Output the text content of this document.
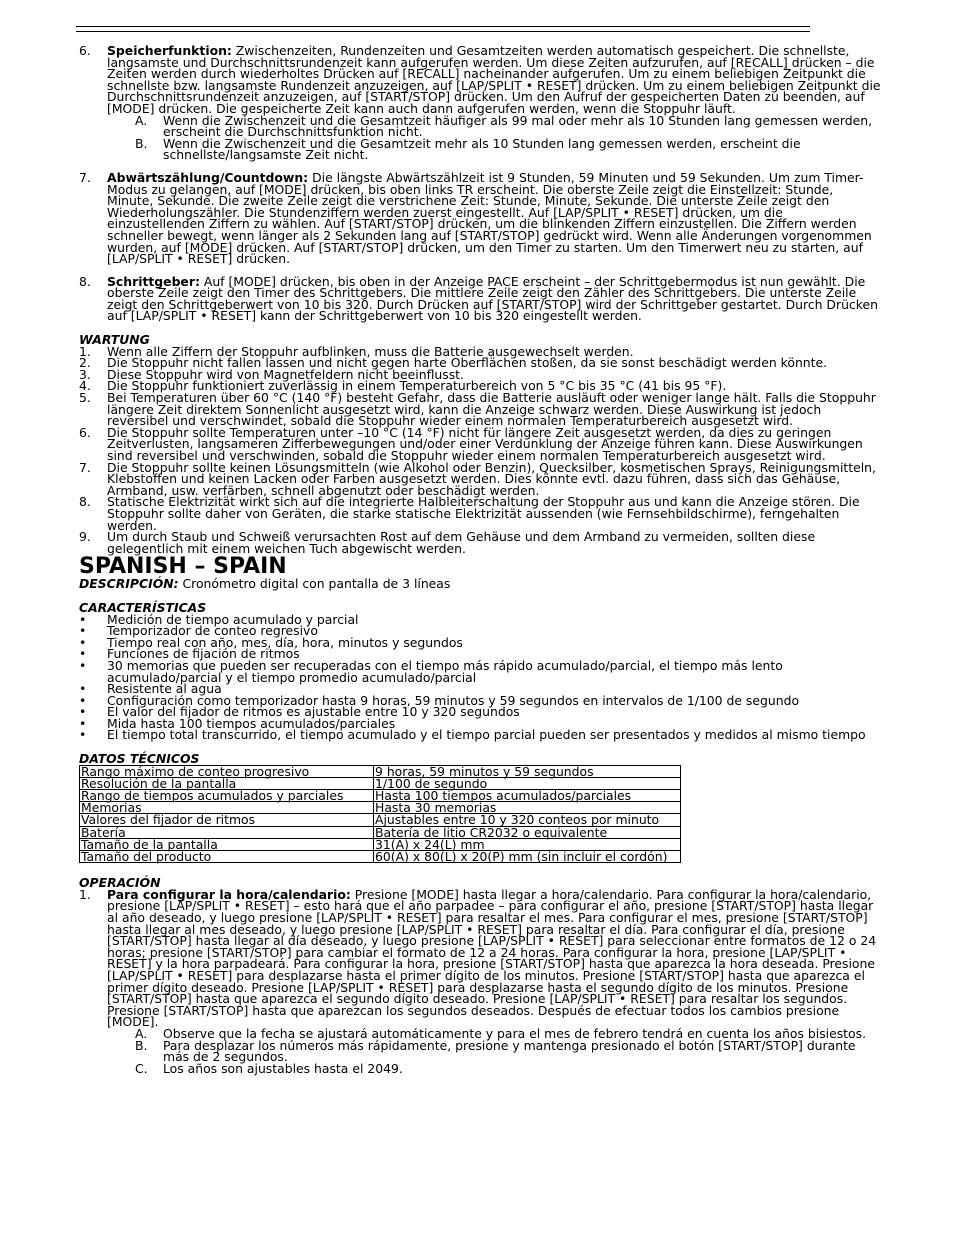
6.	Speicherfunktion: Zwischenzeiten, Rundenzeiten und Gesamtzeiten werden automatisch gespeichert. Die schnellste, langsamste und Durchschnittsrundenzeit kann aufgerufen werden. Um diese Zeiten aufzurufen, auf [RECALL] drücken – die Zeiten werden durch wiederholtes Drücken auf [RECALL] nacheinander aufgerufen. Um zu einem beliebigen Zeitpunkt die schnellste bzw. langsamste Rundenzeit anzuzeigen, auf [LAP/SPLIT • RESET] drücken. Um zu einem beliebigen Zeitpunkt die Durchschnittsrundenzeit anzuzeigen, auf [START/STOP] drücken. Um den Aufruf der gespeicherten Daten zu beenden, auf [MODE] drücken. Die gespeicherte Zeit kann auch dann aufgerufen werden, wenn die Stoppuhr läuft.
A.	Wenn die Zwischenzeit und die Gesamtzeit häufiger als 99 mal oder mehr als 10 Stunden lang gemessen werden, erscheint die Durchschnittsfunktion nicht.
B.	Wenn die Zwischenzeit und die Gesamtzeit mehr als 10 Stunden lang gemessen werden, erscheint die schnellste/langsamste Zeit nicht.
7.	Abwärtszählung/Countdown: Die längste Abwärtszählzeit ist 9 Stunden, 59 Minuten und 59 Sekunden. Um zum Timer-Modus zu gelangen, auf [MODE] drücken, bis oben links TR erscheint. Die oberste Zeile zeigt die Einstellzeit: Stunde, Minute, Sekunde. Die zweite Zeile zeigt die verstrichene Zeit: Stunde, Minute, Sekunde. Die unterste Zeile zeigt den Wiederholungszähler. Die Stundenziffern werden zuerst eingestellt. Auf [LAP/SPLIT • RESET] drücken, um die einzustellenden Ziffern zu wählen. Auf [START/STOP] drücken, um die blinkenden Ziffern einzustellen. Die Ziffern werden schneller bewegt, wenn länger als 2 Sekunden lang auf [START/STOP] gedrückt wird. Wenn alle Änderungen vorgenommen wurden, auf [MODE] drücken. Auf [START/STOP] drücken, um den Timer zu starten. Um den Timerwert neu zu starten, auf [LAP/SPLIT • RESET] drücken.
8.	Schrittgeber: Auf [MODE] drücken, bis oben in der Anzeige PACE erscheint – der Schrittgebermodus ist nun gewählt. Die oberste Zeile zeigt den Timer des Schrittgebers. Die mittlere Zeile zeigt den Zähler des Schrittgebers. Die unterste Zeile zeigt den Schrittgeberwert von 10 bis 320. Durch Drücken auf [START/STOP] wird der Schrittgeber gestartet. Durch Drücken auf [LAP/SPLIT • RESET] kann der Schrittgeberwert von 10 bis 320 eingestellt werden.
WARTUNG
1.	Wenn alle Ziffern der Stoppuhr aufblinken, muss die Batterie ausgewechselt werden.
2.	Die Stoppuhr nicht fallen lassen und nicht gegen harte Oberflächen stoßen, da sie sonst beschädigt werden könnte.
3.	Diese Stoppuhr wird von Magnetfeldern nicht beeinflusst.
4.	Die Stoppuhr funktioniert zuverlässig in einem Temperaturbereich von 5 °C bis 35 °C (41 bis 95 °F).
5.	Bei Temperaturen über 60 °C (140 °F) besteht Gefahr, dass die Batterie ausläuft oder weniger lange hält. Falls die Stoppuhr längere Zeit direktem Sonnenlicht ausgesetzt wird, kann die Anzeige schwarz werden. Diese Auswirkung ist jedoch reversibel und verschwindet, sobald die Stoppuhr wieder einem normalen Temperaturbereich ausgesetzt wird.
6.	Die Stoppuhr sollte Temperaturen unter –10 °C (14 °F) nicht für längere Zeit ausgesetzt werden, da dies zu geringen Zeitverlusten, langsameren Zifferbewegungen und/oder einer Verdunklung der Anzeige führen kann. Diese Auswirkungen sind reversibel und verschwinden, sobald die Stoppuhr wieder einem normalen Temperaturbereich ausgesetzt wird.
7.	Die Stoppuhr sollte keinen Lösungsmitteln (wie Alkohol oder Benzin), Quecksilber, kosmetischen Sprays, Reinigungsmitteln, Klebstoffen und keinen Lacken oder Farben ausgesetzt werden. Dies könnte evtl. dazu führen, dass sich das Gehäuse, Armband, usw. verfärben, schnell abgenutzt oder beschädigt werden.
8.	Statische Elektrizität wirkt sich auf die integrierte Halbleiterschaltung der Stoppuhr aus und kann die Anzeige stören. Die Stoppuhr sollte daher von Geräten, die starke statische Elektrizität aussenden (wie Fernsehbildschirme), ferngehalten werden.
9.	Um durch Staub und Schweiß verursachten Rost auf dem Gehäuse und dem Armband zu vermeiden, sollten diese gelegentlich mit einem weichen Tuch abgewischt werden.
SPANISH – SPAIN
DESCRIPCIÓN: Cronómetro digital con pantalla de 3 líneas
CARACTERÍSTICAS
•	Medición de tiempo acumulado y parcial
•	Temporizador de conteo regresivo
•	Tiempo real con año, mes, día, hora, minutos y segundos
•	Funciones de fijación de ritmos
•	30 memorias que pueden ser recuperadas con el tiempo más rápido acumulado/parcial, el tiempo más lento acumulado/parcial y el tiempo promedio acumulado/parcial
•	Resistente al agua
•	Configuración como temporizador hasta 9 horas, 59 minutos y 59 segundos en intervalos de 1/100 de segundo
•	El valor del fijador de ritmos es ajustable entre 10 y 320 segundos
•	Mida hasta 100 tiempos acumulados/parciales
•	El tiempo total transcurrido, el tiempo acumulado y el tiempo parcial pueden ser presentados y medidos al mismo tiempo
DATOS TÉCNICOS
Rango máximo de conteo progresivo	9 horas, 59 minutos y 59 segundos
Resolución de la pantalla	1/100 de segundo
Rango de tiempos acumulados y parciales	Hasta 100 tiempos acumulados/parciales
Memorias	Hasta 30 memorias
Valores del fijador de ritmos	Ajustables entre 10 y 320 conteos por minuto
Batería	Batería de litio CR2032 o equivalente
Tamaño de la pantalla	31(A) x 24(L) mm
Tamaño del producto	60(A) x 80(L) x 20(P) mm (sin incluir el cordón)
OPERACIÓN
1.	Para configurar la hora/calendario: Presione [MODE] hasta llegar a hora/calendario. Para configurar la hora/calendario, presione [LAP/SPLIT • RESET] – esto hará que el año parpadee – para configurar el año, presione [START/STOP] hasta llegar al año deseado, y luego presione [LAP/SPLIT • RESET] para resaltar el mes. Para configurar el mes, presione [START/STOP] hasta llegar al mes deseado, y luego presione [LAP/SPLIT • RESET] para resaltar el día. Para configurar el día, presione [START/STOP] hasta llegar al día deseado, y luego presione [LAP/SPLIT • RESET] para seleccionar entre formatos de 12 o 24 horas; presione [START/STOP] para cambiar el formato de 12 a 24 horas. Para configurar la hora, presione [LAP/SPLIT • RESET] y la hora parpadeará. Para configurar la hora, presione [START/STOP] hasta que aparezca la hora deseada. Presione [LAP/SPLIT • RESET] para desplazarse hasta el primer dígito de los minutos. Presione [START/STOP] hasta que aparezca el primer dígito deseado. Presione [LAP/SPLIT • RESET] para desplazarse hasta el segundo dígito de los minutos. Presione [START/STOP] hasta que aparezca el segundo dígito deseado. Presione [LAP/SPLIT • RESET] para resaltar los segundos. Presione [START/STOP] hasta que aparezcan los segundos deseados. Después de efectuar todos los cambios presione [MODE].
A.	Observe que la fecha se ajustará automáticamente y para el mes de febrero tendrá en cuenta los años bisiestos.
B.	Para desplazar los números más rápidamente, presione y mantenga presionado el botón [START/STOP] durante más de 2 segundos.
C.	Los años son ajustables hasta el 2049.
